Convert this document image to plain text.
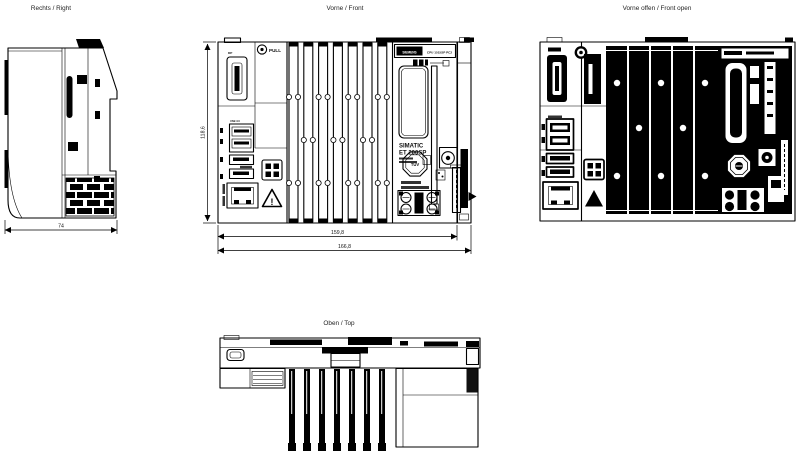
Rechts / Right
74
Vorne / Front
DP	PULL
USB 3.0
!
SIEMENS	CPU 1515SP PC2
SIMATIC
ET 200SP
TÜV
118,6
159,8
166,8
Vorne offen / Front open
Oben / Top
